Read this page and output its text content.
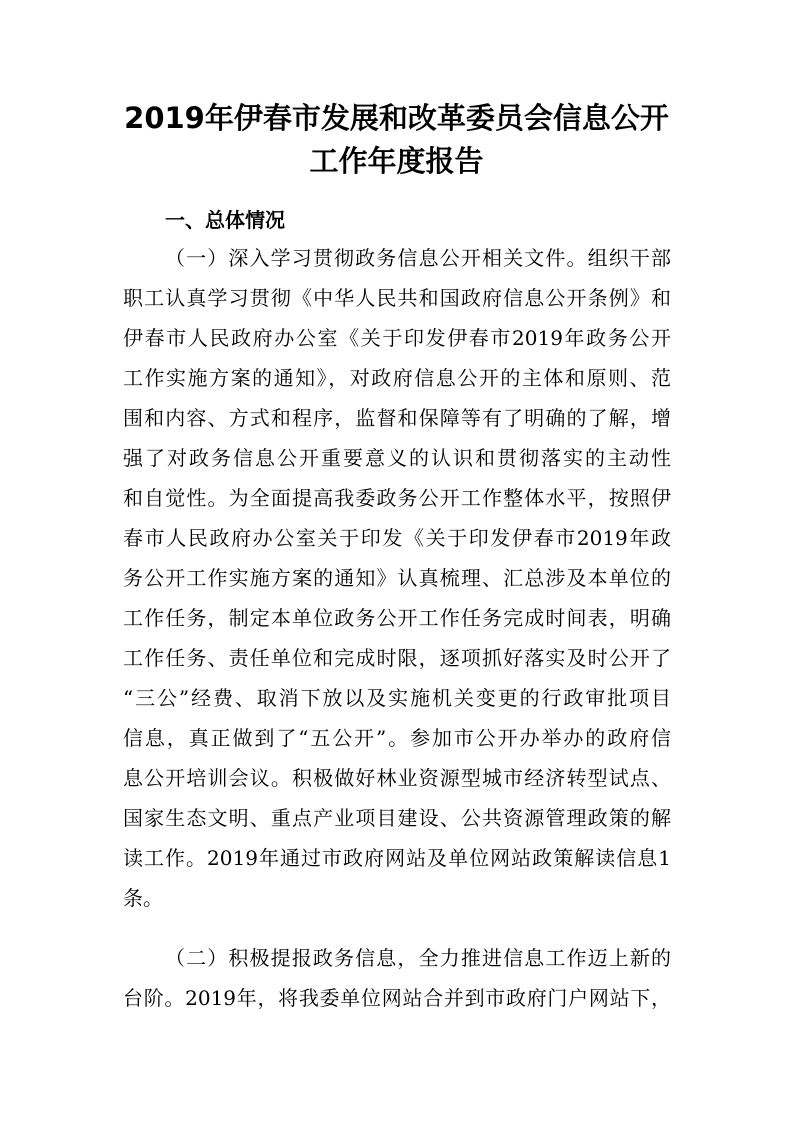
2019年伊春市发展和改革委员会信息公开
工作年度报告
一、总体情况
（一）深入学习贯彻政务信息公开相关文件。组织干部
职工认真学习贯彻《中华人民共和国政府信息公开条例》和
伊春市人民政府办公室《关于印发伊春市2019年政务公开
工作实施方案的通知》，对政府信息公开的主体和原则、范
围和内容、方式和程序，监督和保障等有了明确的了解，增
强了对政务信息公开重要意义的认识和贯彻落实的主动性
和自觉性。为全面提高我委政务公开工作整体水平，按照伊
春市人民政府办公室关于印发《关于印发伊春市2019年政
务公开工作实施方案的通知》认真梳理、汇总涉及本单位的
工作任务，制定本单位政务公开工作任务完成时间表，明确
工作任务、责任单位和完成时限，逐项抓好落实及时公开了
“三公”经费、取消下放以及实施机关变更的行政审批项目
信息，真正做到了“五公开”。参加市公开办举办的政府信
息公开培训会议。积极做好林业资源型城市经济转型试点、
国家生态文明、重点产业项目建设、公共资源管理政策的解
读工作。2019年通过市政府网站及单位网站政策解读信息1
条。
（二）积极提报政务信息，全力推进信息工作迈上新的
台阶。2019年，将我委单位网站合并到市政府门户网站下，
